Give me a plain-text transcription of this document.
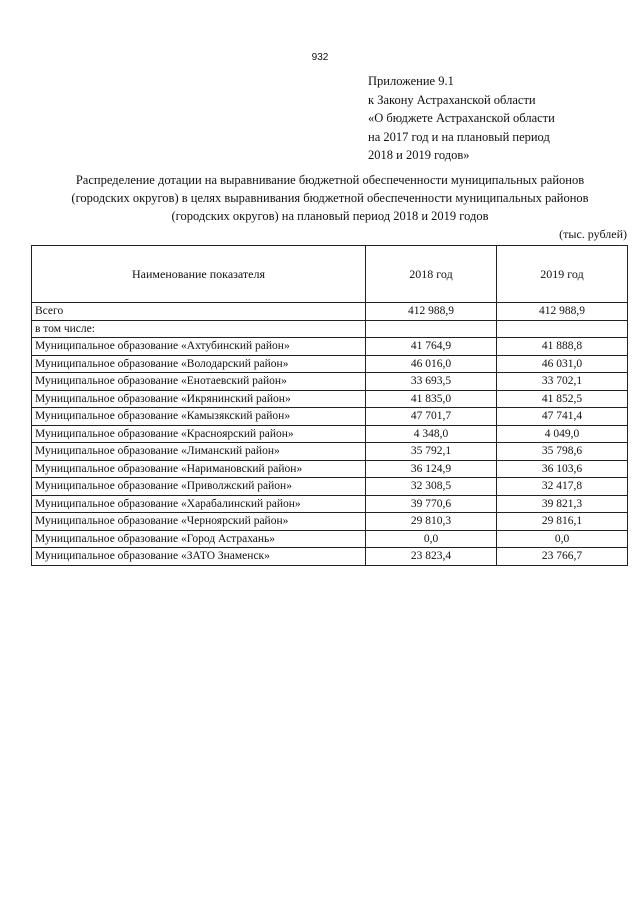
932
Приложение 9.1
к Закону Астраханской области
«О бюджете Астраханской области
на 2017 год и на плановый период
2018 и 2019 годов»
Распределение дотации на выравнивание бюджетной обеспеченности муниципальных районов
(городских округов) в целях выравнивания бюджетной обеспеченности муниципальных районов
(городских округов) на плановый период 2018 и 2019 годов
(тыс. рублей)
Наименование показателя	2018 год	2019 год
Всего	412 988,9	412 988,9
в том числе:		
Муниципальное образование «Ахтубинский район»	41 764,9	41 888,8
Муниципальное образование «Володарский район»	46 016,0	46 031,0
Муниципальное образование «Енотаевский район»	33 693,5	33 702,1
Муниципальное образование «Икрянинский район»	41 835,0	41 852,5
Муниципальное образование «Камызякский район»	47 701,7	47 741,4
Муниципальное образование «Красноярский район»	4 348,0	4 049,0
Муниципальное образование «Лиманский район»	35 792,1	35 798,6
Муниципальное образование «Наримановский район»	36 124,9	36 103,6
Муниципальное образование «Приволжский район»	32 308,5	32 417,8
Муниципальное образование «Харабалинский район»	39 770,6	39 821,3
Муниципальное образование «Черноярский район»	29 810,3	29 816,1
Муниципальное образование «Город Астрахань»	0,0	0,0
Муниципальное образование «ЗАТО Знаменск»	23 823,4	23 766,7
